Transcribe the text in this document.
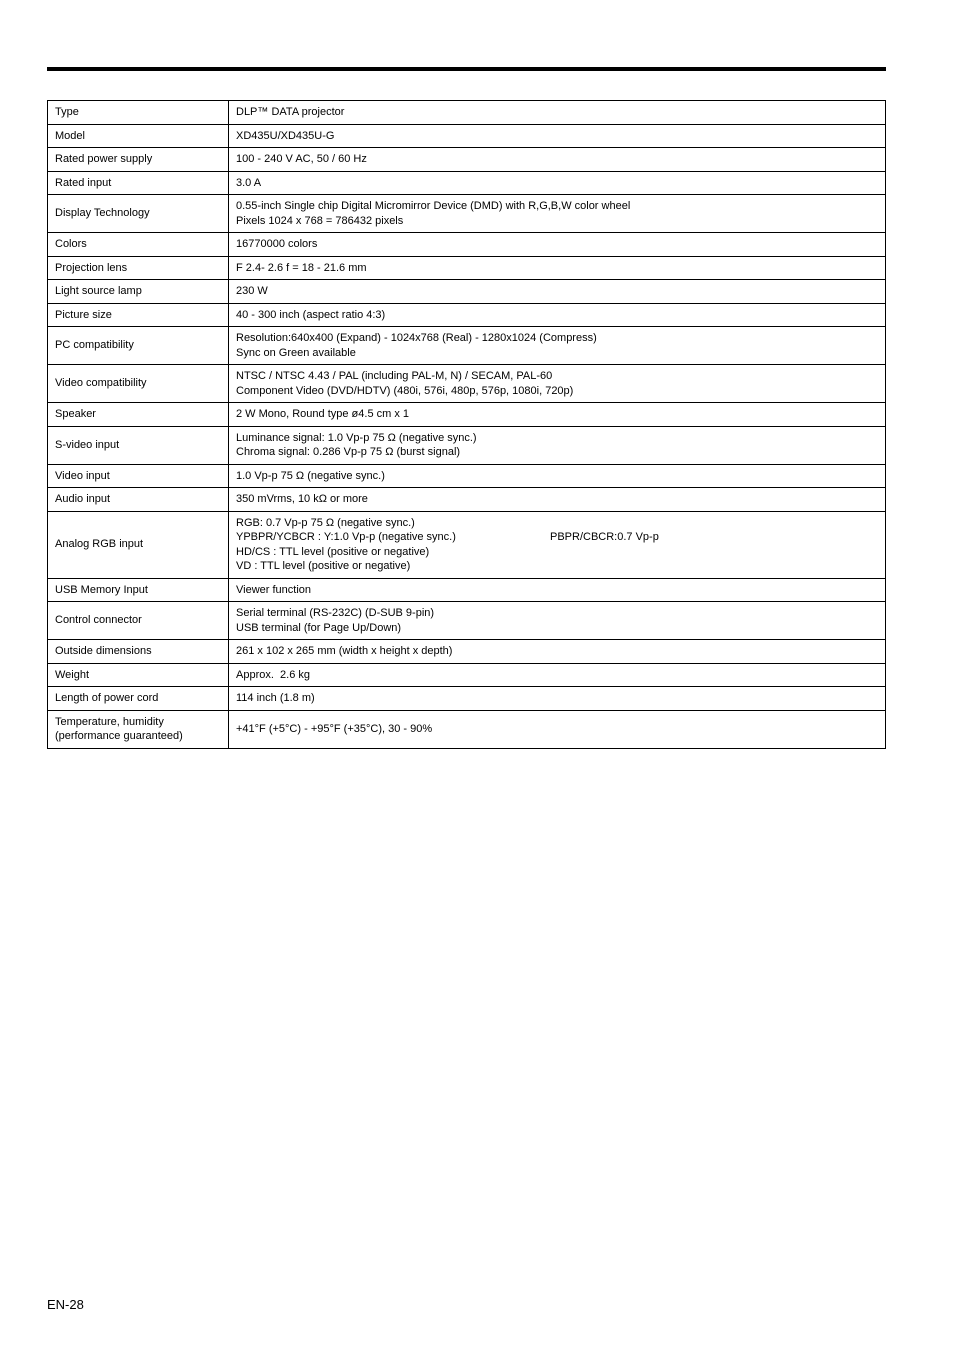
Type	DLP™ DATA projector

Model	XD435U/XD435U-G

Rated power supply	100 - 240 V AC, 50 / 60 Hz

Rated input	3.0 A

Display Technology	0.55-inch Single chip Digital Micromirror Device (DMD) with R,G,B,W color wheel
Pixels 1024 x 768 = 786432 pixels

Colors	16770000 colors

Projection lens	F 2.4- 2.6 f = 18 - 21.6 mm

Light source lamp	230 W

Picture size	40 - 300 inch (aspect ratio 4:3)

PC compatibility	Resolution:640x400 (Expand) - 1024x768 (Real) - 1280x1024 (Compress)
Sync on Green available

Video compatibility	NTSC / NTSC 4.43 / PAL (including PAL-M, N) / SECAM, PAL-60
Component Video (DVD/HDTV) (480i, 576i, 480p, 576p, 1080i, 720p)

Speaker	2 W Mono, Round type ø4.5 cm x 1

S-video input	Luminance signal: 1.0 Vp-p 75 Ω (negative sync.)
Chroma signal: 0.286 Vp-p 75 Ω (burst signal)

Video input	1.0 Vp-p 75 Ω (negative sync.)

Audio input	350 mVrms, 10 kΩ or more

Analog RGB input	RGB: 0.7 Vp-p 75 Ω (negative sync.)
YPBPR/YCBCR : Y:1.0 Vp-p (negative sync.) PBPR/CBCR:0.7 Vp-p
HD/CS : TTL level (positive or negative)
VD : TTL level (positive or negative)

USB Memory Input	Viewer function

Control connector	Serial terminal (RS-232C) (D-SUB 9-pin)
USB terminal (for Page Up/Down)

Outside dimensions	261 x 102 x 265 mm (width x height x depth)

Weight	Approx.  2.6 kg

Length of power cord	114 inch (1.8 m)

Temperature, humidity
(performance guaranteed)	+41°F (+5°C) - +95°F (+35°C), 30 - 90%
EN-28
